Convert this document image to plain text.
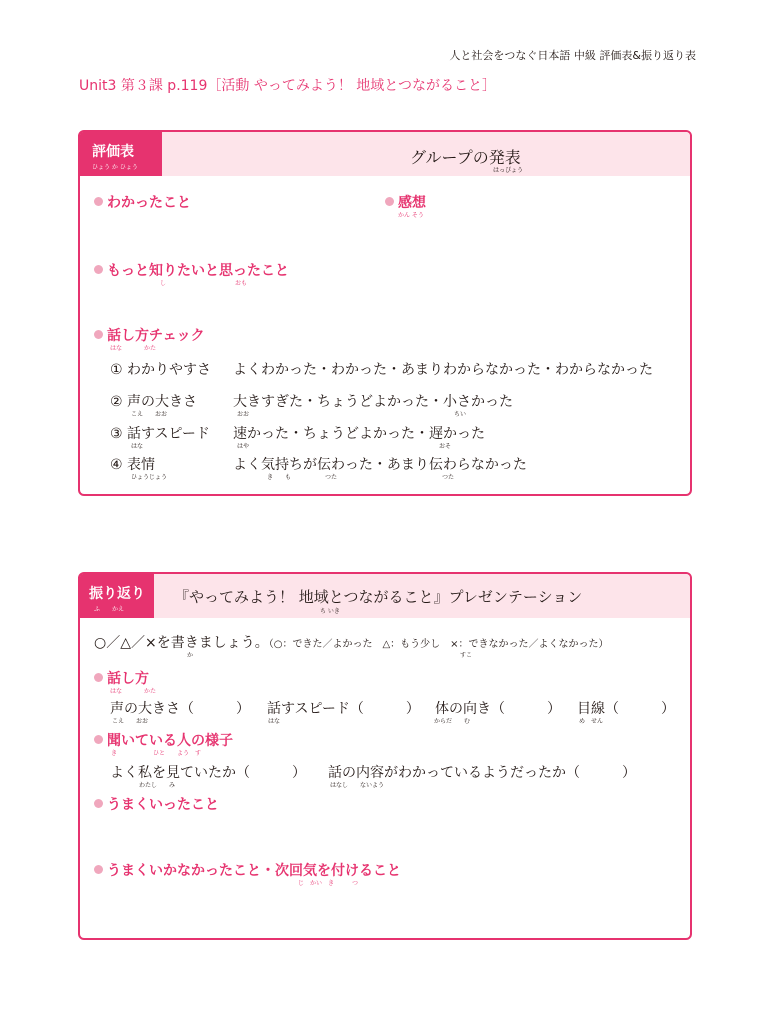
人と社会をつなぐ日本語 中級 評価表&振り返り表
Unit3 第３課 p.119［活動 やってみよう！ 地域とつながること］
評価表
ひょう か ひょう
グループの発表
はっぴょう
わかったこと	感想
かん そう
もっと知りたいと思ったこと
し	おも
話し方チェック
はな	かた
① わかりやすさ よくわかった・わかった・あまりわからなかった・わからなかった
② 声の大きさ
こえ　　おお
大きすぎた・ちょうどよかった・小さかった
おお	ちい
③ 話すスピード
はな
速かった・ちょうどよかった・遅かった
はや	おそ
④ 表情
ひょうじょう
よく気持ちが伝わった・あまり伝わらなかった
き　　も	つた	つた
振り返り
ふ　　かえ
『やってみよう！ 地域とつながること』プレゼンテーション
ち いき
○／△／×を書きましょう。（○：できた／よかった　△：もう少し　×：できなかった／よくなかった）
か	すこ
話し方
はな	かた
声の大きさ（　　　）
こえ　　おお
話すスピード（　　　）
はな
体の向き（　　　）
からだ　　む
目線（　　　）
め　せん
聞いている人の様子
き　　　　　　ひと　　よう　す
よく私を見ていたか（　　　）
わたし　　み
話の内容がわかっているようだったか（　　　）
はなし　　ないよう
うまくいったこと
うまくいかなかったこと・次回気を付けること
じ　かい　き　　　つ
